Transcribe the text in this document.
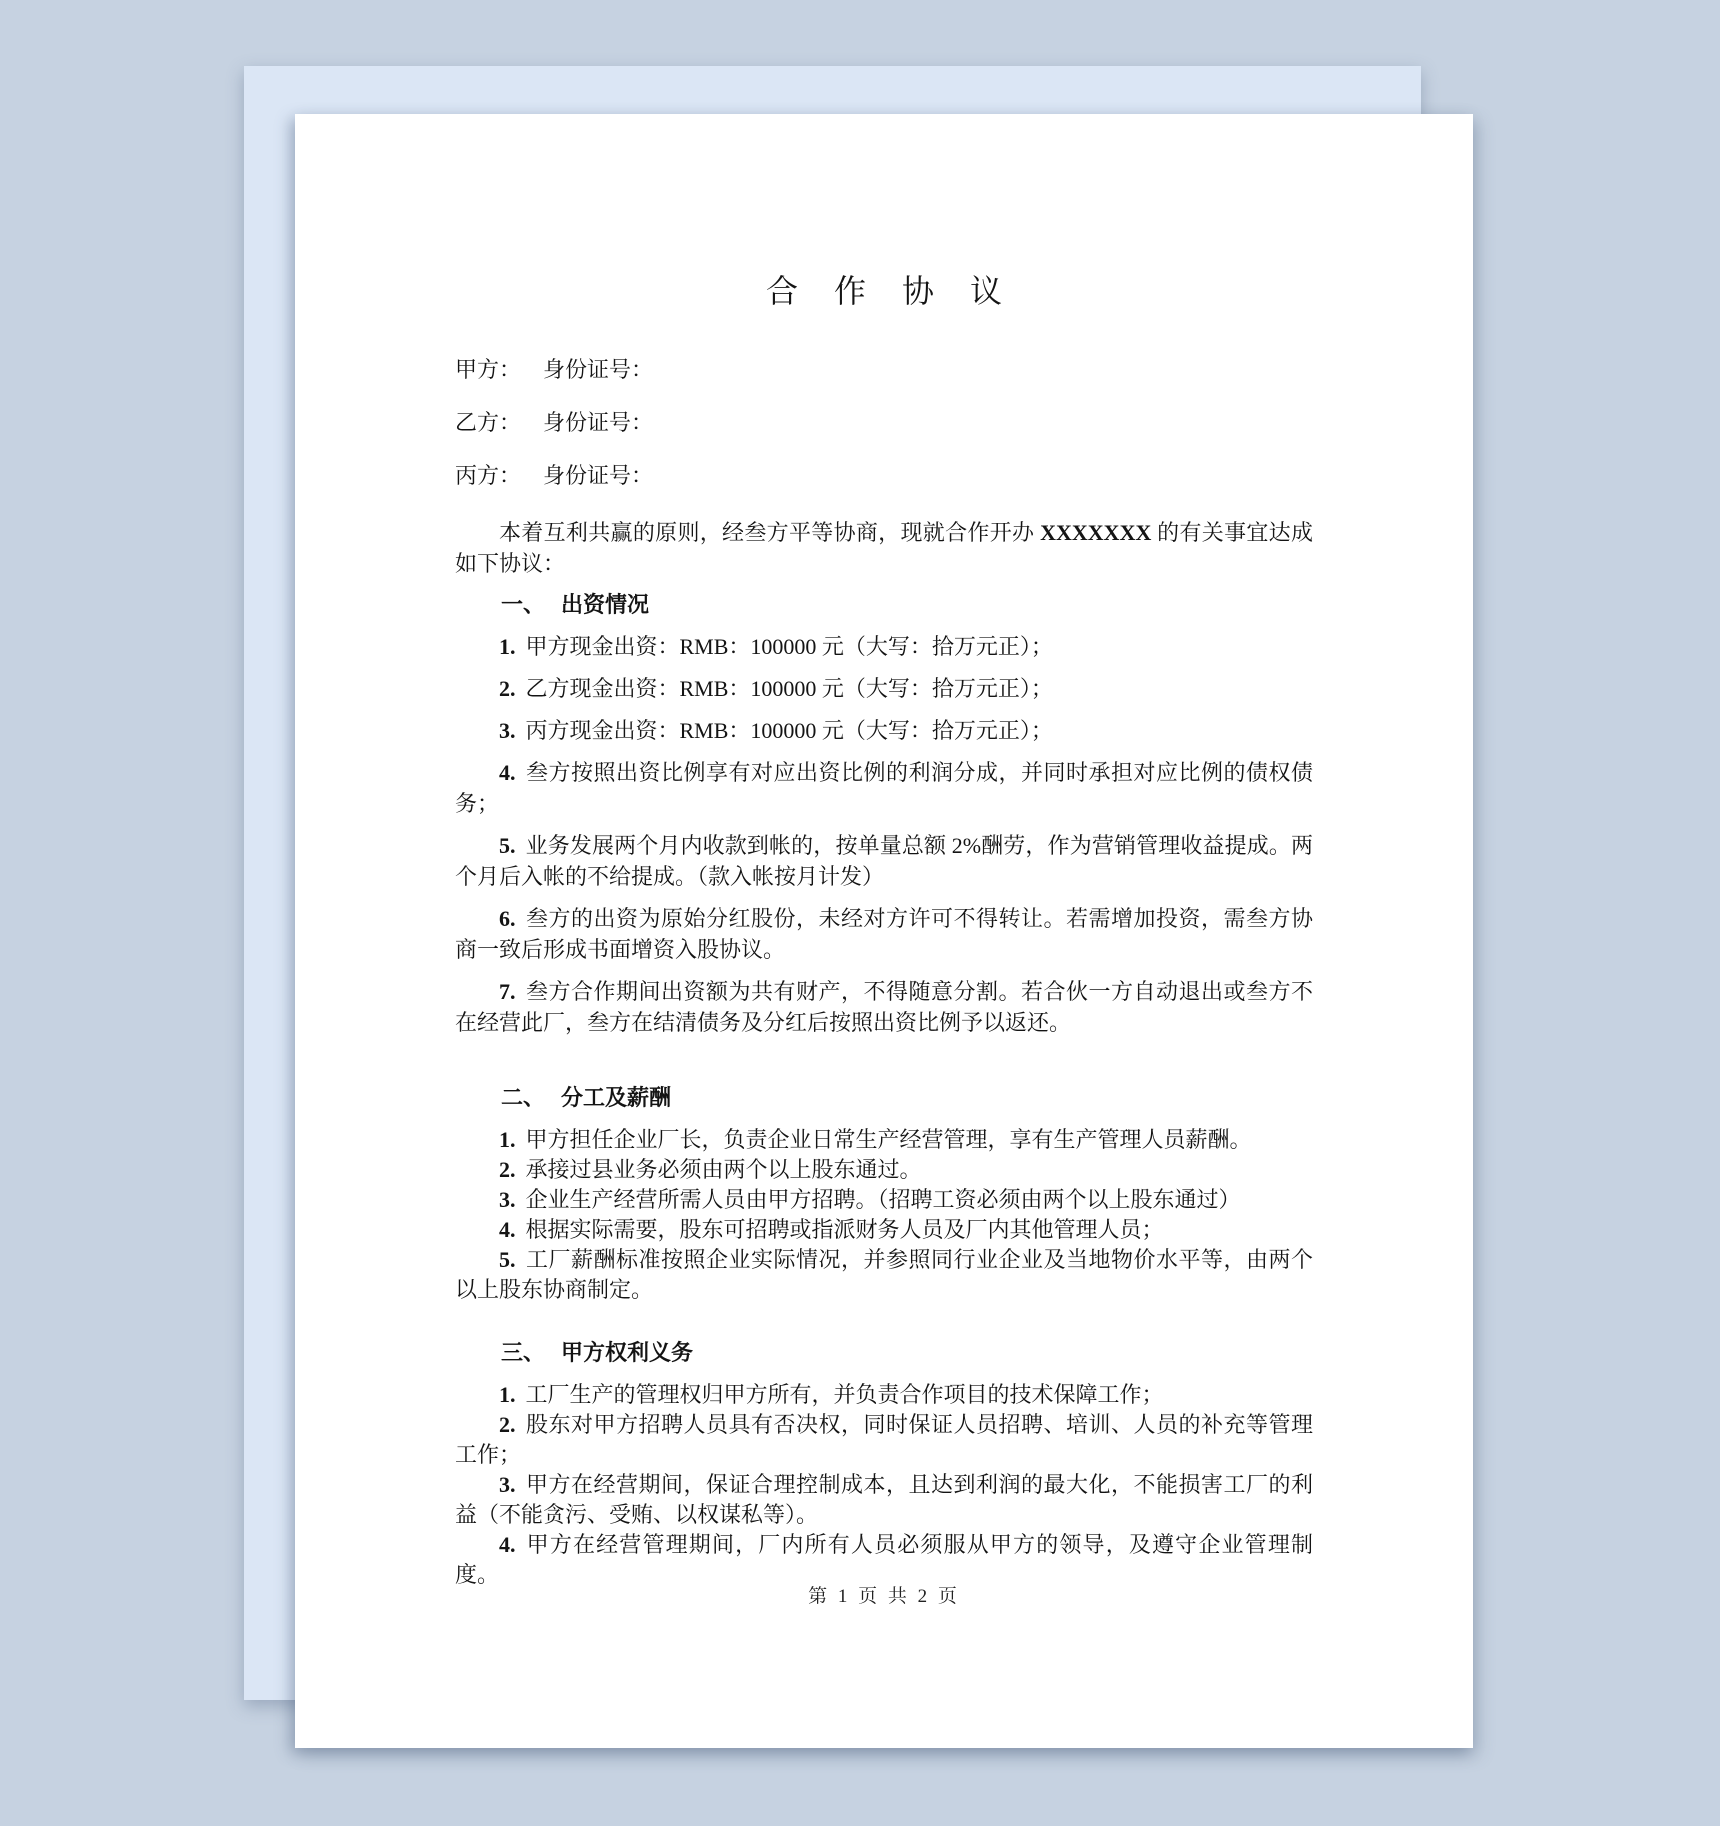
合 作 协 议
甲方： 身份证号：
乙方： 身份证号：
丙方： 身份证号：

本着互利共赢的原则，经叁方平等协商，现就合作开办 XXXXXXX 的有关事宜达成如下协议：

一、 出资情况

1. 甲方现金出资：RMB：100000 元（大写：拾万元正）；

2. 乙方现金出资：RMB：100000 元（大写：拾万元正）；

3. 丙方现金出资：RMB：100000 元（大写：拾万元正）；

4. 叁方按照出资比例享有对应出资比例的利润分成，并同时承担对应比例的债权债务；

5. 业务发展两个月内收款到帐的，按单量总额 2%酬劳，作为营销管理收益提成。两个月后入帐的不给提成。（款入帐按月计发）

6. 叁方的出资为原始分红股份，未经对方许可不得转让。若需增加投资，需叁方协商一致后形成书面增资入股协议。

7. 叁方合作期间出资额为共有财产，不得随意分割。若合伙一方自动退出或叁方不在经营此厂，叁方在结清债务及分红后按照出资比例予以返还。

二、 分工及薪酬

1. 甲方担任企业厂长，负责企业日常生产经营管理，享有生产管理人员薪酬。

2. 承接过县业务必须由两个以上股东通过。

3. 企业生产经营所需人员由甲方招聘。（招聘工资必须由两个以上股东通过）

4. 根据实际需要，股东可招聘或指派财务人员及厂内其他管理人员；

5. 工厂薪酬标准按照企业实际情况，并参照同行业企业及当地物价水平等，由两个以上股东协商制定。

三、 甲方权利义务

1. 工厂生产的管理权归甲方所有，并负责合作项目的技术保障工作；

2. 股东对甲方招聘人员具有否决权，同时保证人员招聘、培训、人员的补充等管理工作；

3. 甲方在经营期间，保证合理控制成本，且达到利润的最大化，不能损害工厂的利益（不能贪污、受贿、以权谋私等）。

4. 甲方在经营管理期间，厂内所有人员必须服从甲方的领导，及遵守企业管理制度。

第 1 页 共 2 页
